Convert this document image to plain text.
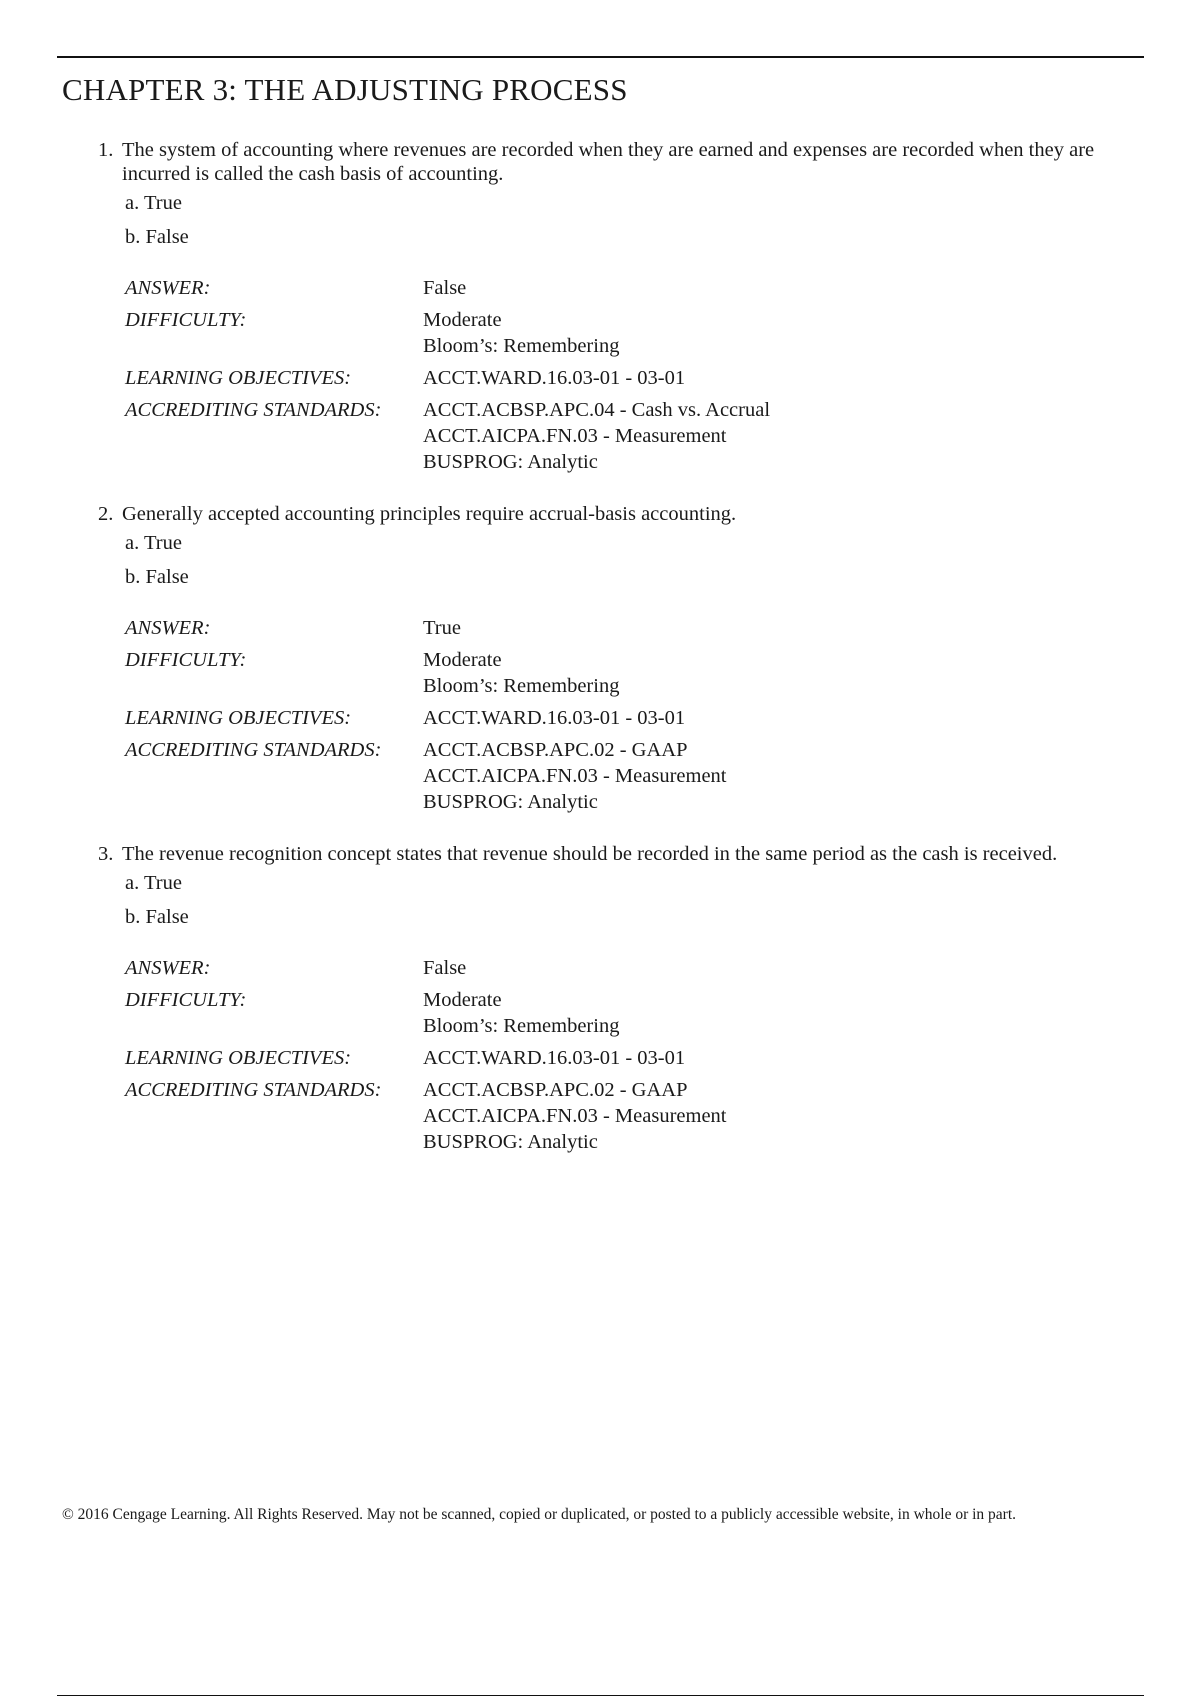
CHAPTER 3: THE ADJUSTING PROCESS
1. The system of accounting where revenues are recorded when they are earned and expenses are recorded when they are incurred is called the cash basis of accounting.
a. True
b. False
ANSWER:	False
DIFFICULTY:	Moderate
Bloom’s: Remembering
LEARNING OBJECTIVES:	ACCT.WARD.16.03-01 - 03-01
ACCREDITING STANDARDS:	ACCT.ACBSP.APC.04 - Cash vs. Accrual
ACCT.AICPA.FN.03 - Measurement
BUSPROG: Analytic
2. Generally accepted accounting principles require accrual-basis accounting.
a. True
b. False
ANSWER:	True
DIFFICULTY:	Moderate
Bloom’s: Remembering
LEARNING OBJECTIVES:	ACCT.WARD.16.03-01 - 03-01
ACCREDITING STANDARDS:	ACCT.ACBSP.APC.02 - GAAP
ACCT.AICPA.FN.03 - Measurement
BUSPROG: Analytic
3. The revenue recognition concept states that revenue should be recorded in the same period as the cash is received.
a. True
b. False
ANSWER:	False
DIFFICULTY:	Moderate
Bloom’s: Remembering
LEARNING OBJECTIVES:	ACCT.WARD.16.03-01 - 03-01
ACCREDITING STANDARDS:	ACCT.ACBSP.APC.02 - GAAP
ACCT.AICPA.FN.03 - Measurement
BUSPROG: Analytic
© 2016 Cengage Learning. All Rights Reserved. May not be scanned, copied or duplicated, or posted to a publicly accessible website, in whole or in part.
